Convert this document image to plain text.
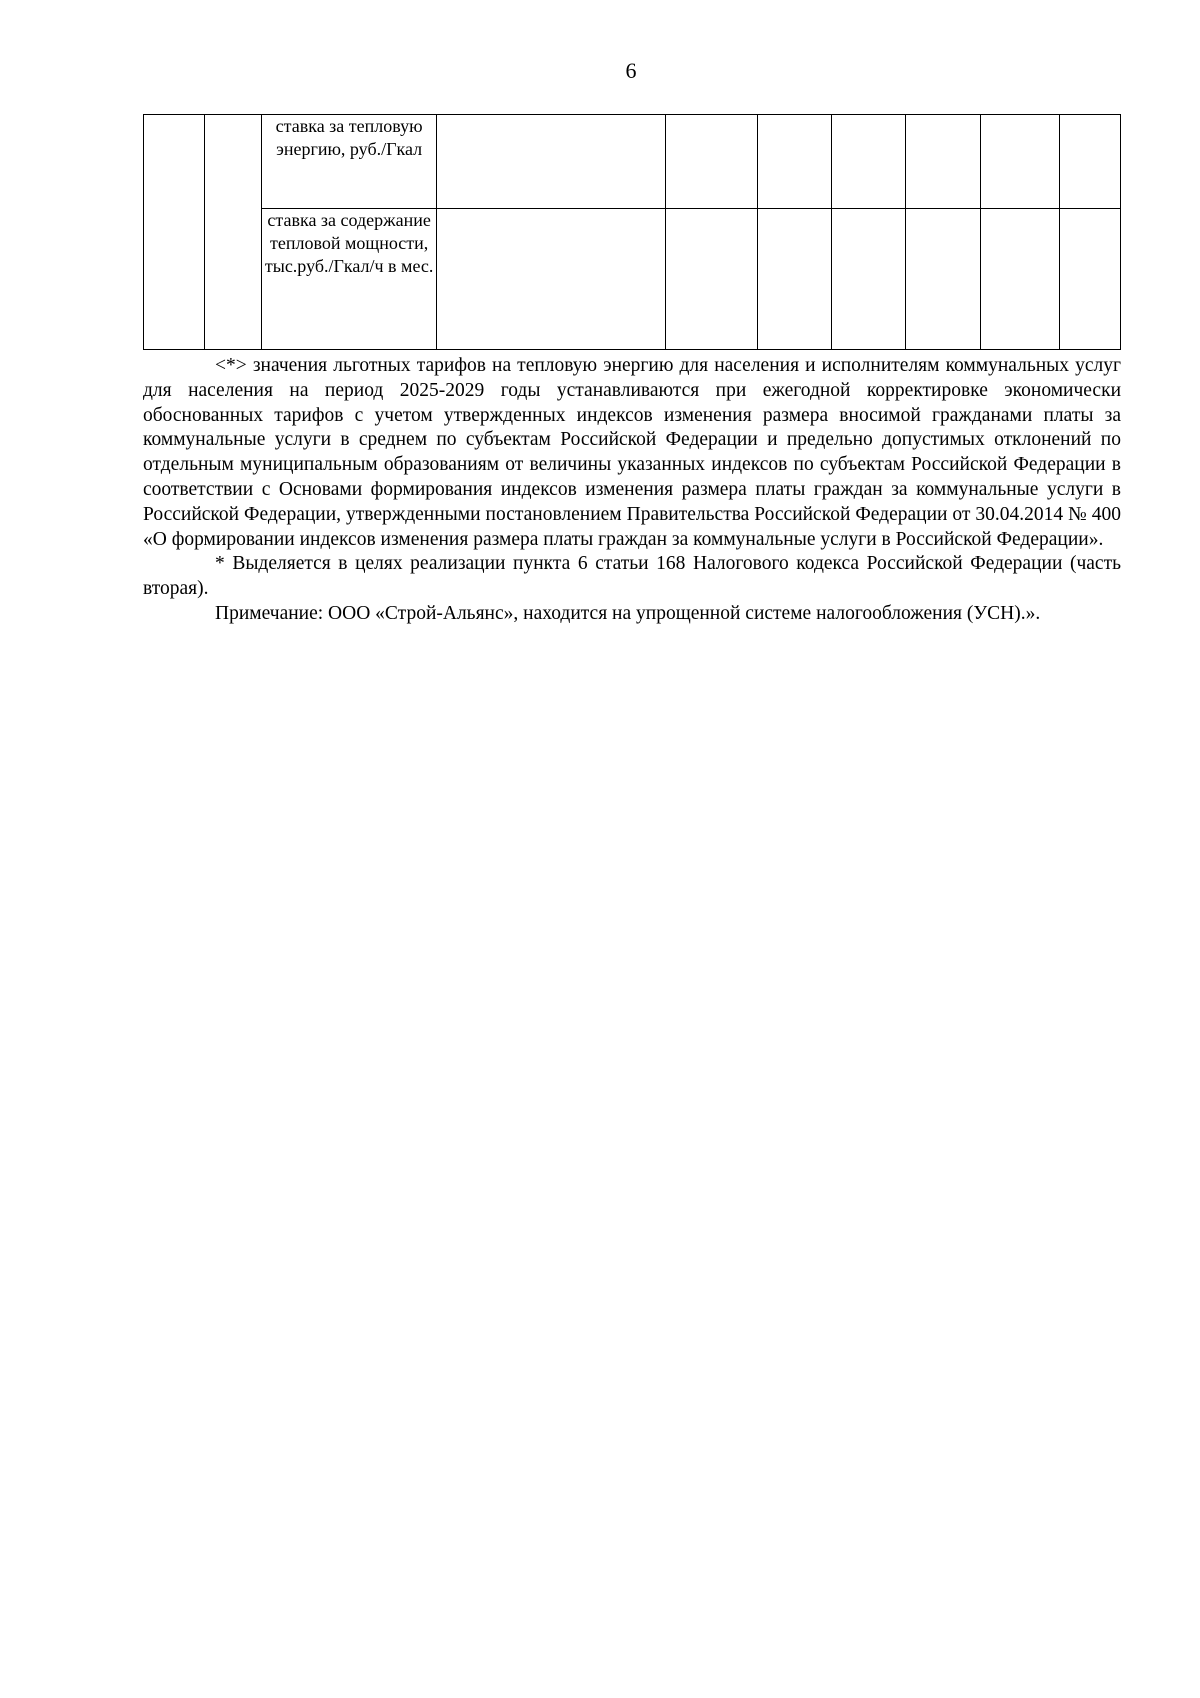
6
		ставка за тепловую энергию, руб./Гкал							
		ставка за содержание тепловой мощности, тыс.руб./Гкал/ч в мес.							

<*> значения льготных тарифов на тепловую энергию для населения и исполнителям коммунальных услуг для населения на период 2025-2029 годы устанавливаются при ежегодной корректировке экономически обоснованных тарифов с учетом утвержденных индексов изменения размера вносимой гражданами платы за коммунальные услуги в среднем по субъектам Российской Федерации и предельно допустимых отклонений по отдельным муниципальным образованиям от величины указанных индексов по субъектам Российской Федерации в соответствии с Основами формирования индексов изменения размера платы граждан за коммунальные услуги в Российской Федерации, утвержденными постановлением Правительства Российской Федерации от 30.04.2014 № 400 «О формировании индексов изменения размера платы граждан за коммунальные услуги в Российской Федерации».

* Выделяется в целях реализации пункта 6 статьи 168 Налогового кодекса Российской Федерации (часть вторая).

Примечание: ООО «Строй-Альянс», находится на упрощенной системе налогообложения (УСН).».
